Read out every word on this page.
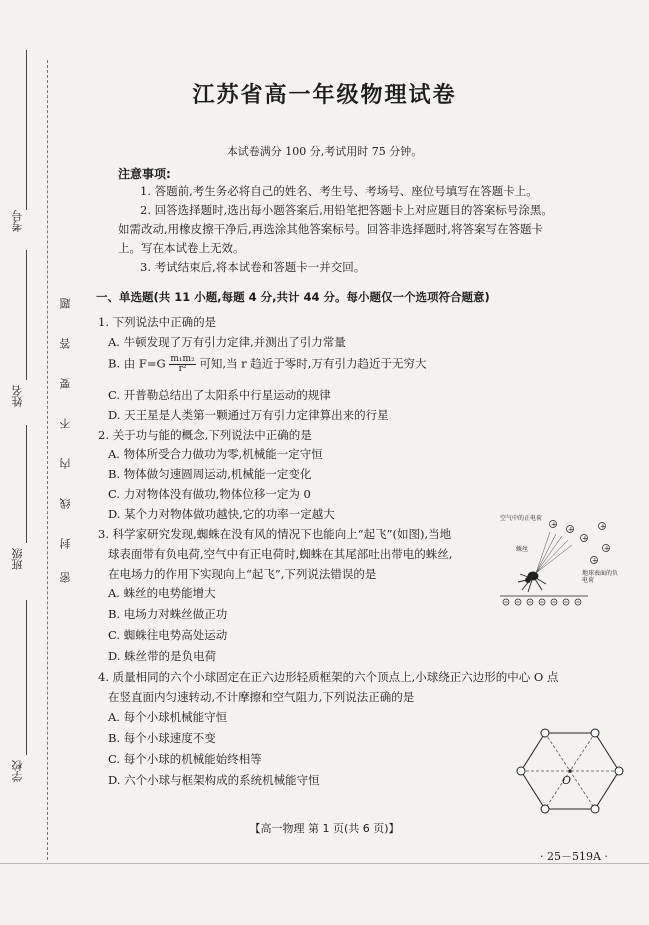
考号
姓名
班级
学校
题
答
要
不
内
线
封
密
江苏省高一年级物理试卷
本试卷满分 100 分,考试用时 75 分钟。
注意事项:
1. 答题前,考生务必将自己的姓名、考生号、考场号、座位号填写在答题卡上。
2. 回答选择题时,选出每小题答案后,用铅笔把答题卡上对应题目的答案标号涂黑。如需改动,用橡皮擦干净后,再选涂其他答案标号。回答非选择题时,将答案写在答题卡上。写在本试卷上无效。
3. 考试结束后,将本试卷和答题卡一并交回。
一、单选题(共 11 小题,每题 4 分,共计 44 分。每小题仅一个选项符合题意)
1. 下列说法中正确的是
A. 牛顿发现了万有引力定律,并测出了引力常量
B. 由 $F=G \frac{\text{m₁m₂}}{\text{r²}}$ 可知,当 r 趋近于零时,万有引力趋近于无穷大
C. 开普勒总结出了太阳系中行星运动的规律
D. 天王星是人类第一颗通过万有引力定律算出来的行星
2. 关于功与能的概念,下列说法中正确的是
A. 物体所受合力做功为零,机械能一定守恒
B. 物体做匀速圆周运动,机械能一定变化
C. 力对物体没有做功,物体位移一定为 0
D. 某个力对物体做功越快,它的功率一定越大
3. 科学家研究发现,蜘蛛在没有风的情况下也能向上“起飞”(如图),当地
球表面带有负电荷,空气中有正电荷时,蜘蛛在其尾部吐出带电的蛛丝,
在电场力的作用下实现向上“起飞”,下列说法错误的是
A. 蛛丝的电势能增大
B. 电场力对蛛丝做正功
C. 蜘蛛往电势高处运动
D. 蛛丝带的是负电荷
+
+
+
+
+
+
空气中的正电荷
蛛丝
地球表面的负电荷
4. 质量相同的六个小球固定在正六边形轻质框架的六个顶点上,小球绕正六边形的中心 O 点
在竖直面内匀速转动,不计摩擦和空气阻力,下列说法正确的是
A. 每个小球机械能守恒
B. 每个小球速度不变
C. 每个小球的机械能始终相等
D. 六个小球与框架构成的系统机械能守恒	O
【高一物理 第 1 页(共 6 页)】
· 25－519A ·
